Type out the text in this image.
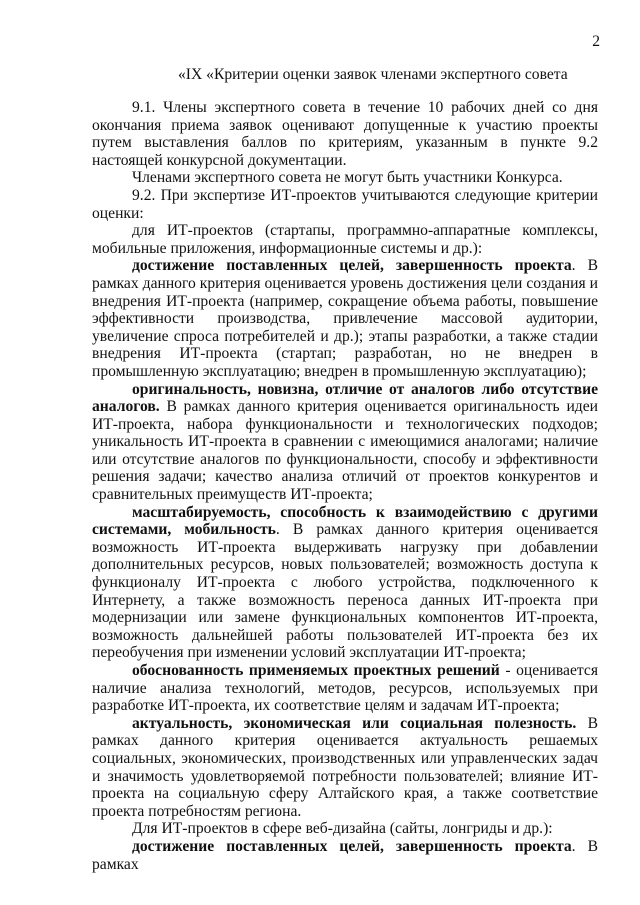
2
«IX «Критерии оценки заявок членами экспертного совета

9.1. Члены экспертного совета в течение 10 рабочих дней со дня окончания приема заявок оценивают допущенные к участию проекты путем выставления баллов по критериям, указанным в пункте 9.2 настоящей конкурсной документации.

Членами экспертного совета не могут быть участники Конкурса.

9.2. При экспертизе ИТ-проектов учитываются следующие критерии оценки:

для ИТ-проектов (стартапы, программно-аппаратные комплексы, мобильные приложения, информационные системы и др.):

достижение поставленных целей, завершенность проекта. В рамках данного критерия оценивается уровень достижения цели создания и внедрения ИТ-проекта (например, сокращение объема работы, повышение эффективности производства, привлечение массовой аудитории, увеличение спроса потребителей и др.); этапы разработки, а также стадии внедрения ИТ-проекта (стартап; разработан, но не внедрен в промышленную эксплуатацию; внедрен в промышленную эксплуатацию);

оригинальность, новизна, отличие от аналогов либо отсутствие аналогов. В рамках данного критерия оценивается оригинальность идеи ИТ-проекта, набора функциональности и технологических подходов; уникальность ИТ-проекта в сравнении с имеющимися аналогами; наличие или отсутствие аналогов по функциональности, способу и эффективности решения задачи; качество анализа отличий от проектов конкурентов и сравнительных преимуществ ИТ-проекта;

масштабируемость, способность к взаимодействию с другими системами, мобильность. В рамках данного критерия оценивается возможность ИТ-проекта выдерживать нагрузку при добавлении дополнительных ресурсов, новых пользователей; возможность доступа к функционалу ИТ-проекта с любого устройства, подключенного к Интернету, а также возможность переноса данных ИТ-проекта при модернизации или замене функциональных компонентов ИТ-проекта, возможность дальнейшей работы пользователей ИТ-проекта без их переобучения при изменении условий эксплуатации ИТ-проекта;

обоснованность применяемых проектных решений - оценивается наличие анализа технологий, методов, ресурсов, используемых при разработке ИТ-проекта, их соответствие целям и задачам ИТ-проекта;

актуальность, экономическая или социальная полезность. В рамках данного критерия оценивается актуальность решаемых социальных, экономических, производственных или управленческих задач и значимость удовлетворяемой потребности пользователей; влияние ИТ-проекта на социальную сферу Алтайского края, а также соответствие проекта потребностям региона.

Для ИТ-проектов в сфере веб-дизайна (сайты, лонгриды и др.):

достижение поставленных целей, завершенность проекта. В рамках
